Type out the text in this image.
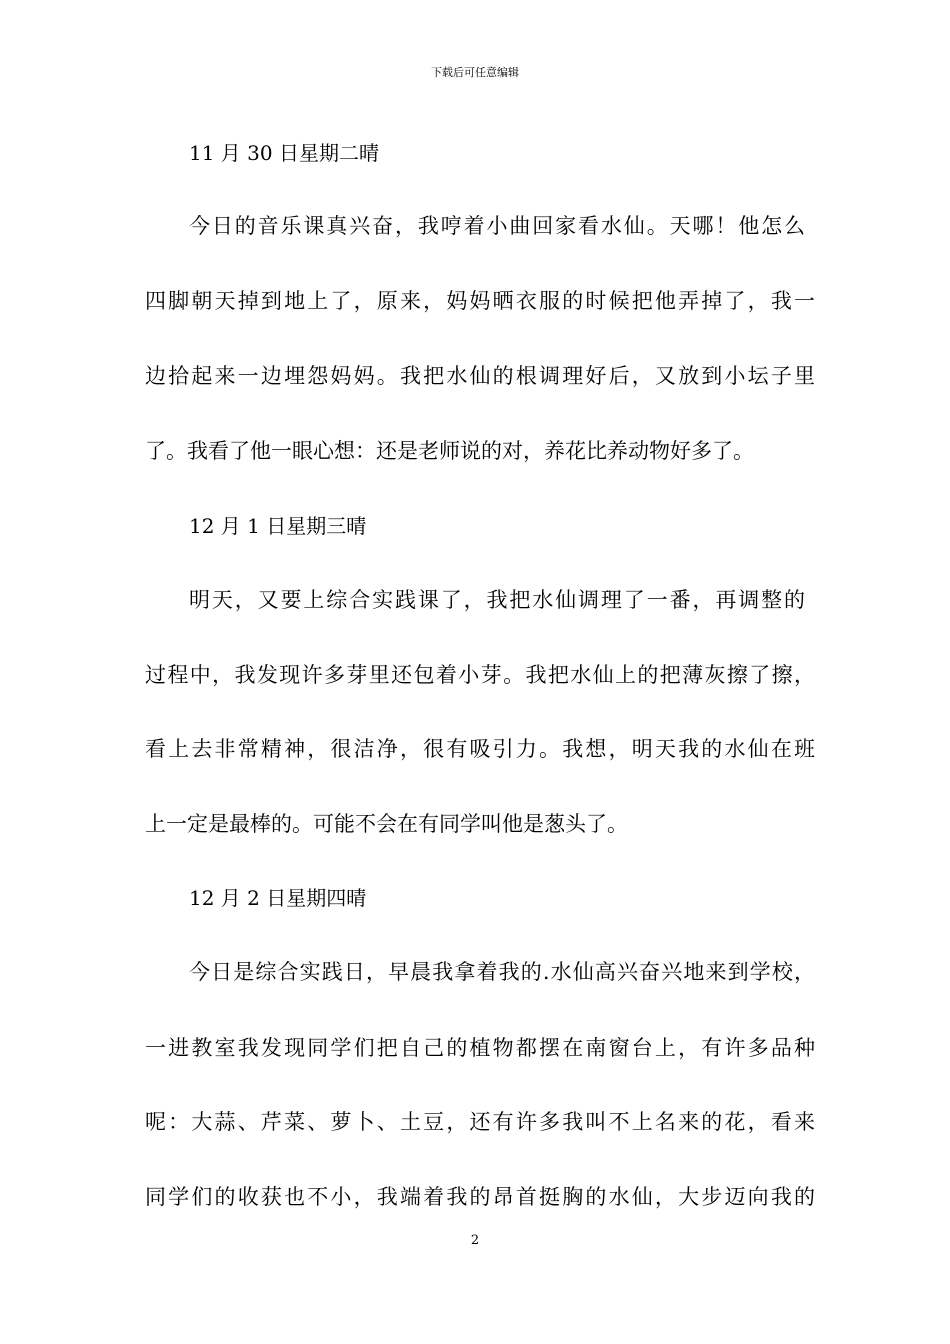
下载后可任意编辑
11 月 30 日星期二晴
今日的音乐课真兴奋，我哼着小曲回家看水仙。天哪！他怎么
四脚朝天掉到地上了，原来，妈妈晒衣服的时候把他弄掉了，我一
边拾起来一边埋怨妈妈。我把水仙的根调理好后，又放到小坛子里
了。我看了他一眼心想：还是老师说的对，养花比养动物好多了。
12 月 1 日星期三晴
明天，又要上综合实践课了，我把水仙调理了一番，再调整的
过程中，我发现许多芽里还包着小芽。我把水仙上的把薄灰擦了擦，
看上去非常精神，很洁净，很有吸引力。我想，明天我的水仙在班
上一定是最棒的。可能不会在有同学叫他是葱头了。
12 月 2 日星期四晴
今日是综合实践日，早晨我拿着我的.水仙高兴奋兴地来到学校，
一进教室我发现同学们把自己的植物都摆在南窗台上，有许多品种
呢：大蒜、芹菜、萝卜、土豆，还有许多我叫不上名来的花，看来
同学们的收获也不小，我端着我的昂首挺胸的水仙，大步迈向我的
2
